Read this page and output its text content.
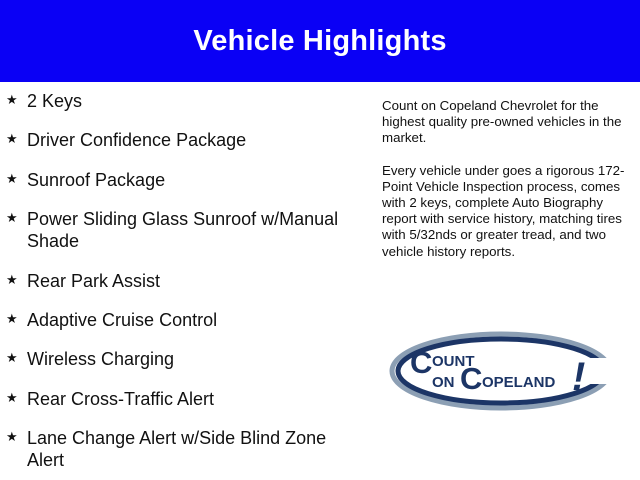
Vehicle Highlights
★ 2 Keys
★ Driver Confidence Package
★ Sunroof Package
★ Power Sliding Glass Sunroof w/Manual Shade
★ Rear Park Assist
★ Adaptive Cruise Control
★ Wireless Charging
★ Rear Cross-Traffic Alert
★ Lane Change Alert w/Side Blind Zone Alert

Count on Copeland Chevrolet for the highest quality pre-owned vehicles in the market.

Every vehicle under goes a rigorous 172-Point Vehicle Inspection process, comes with 2 keys, complete Auto Biography report with service history, matching tires with 5/32nds or greater tread, and two vehicle history reports.

C OUNT
ON C OPELAND !
